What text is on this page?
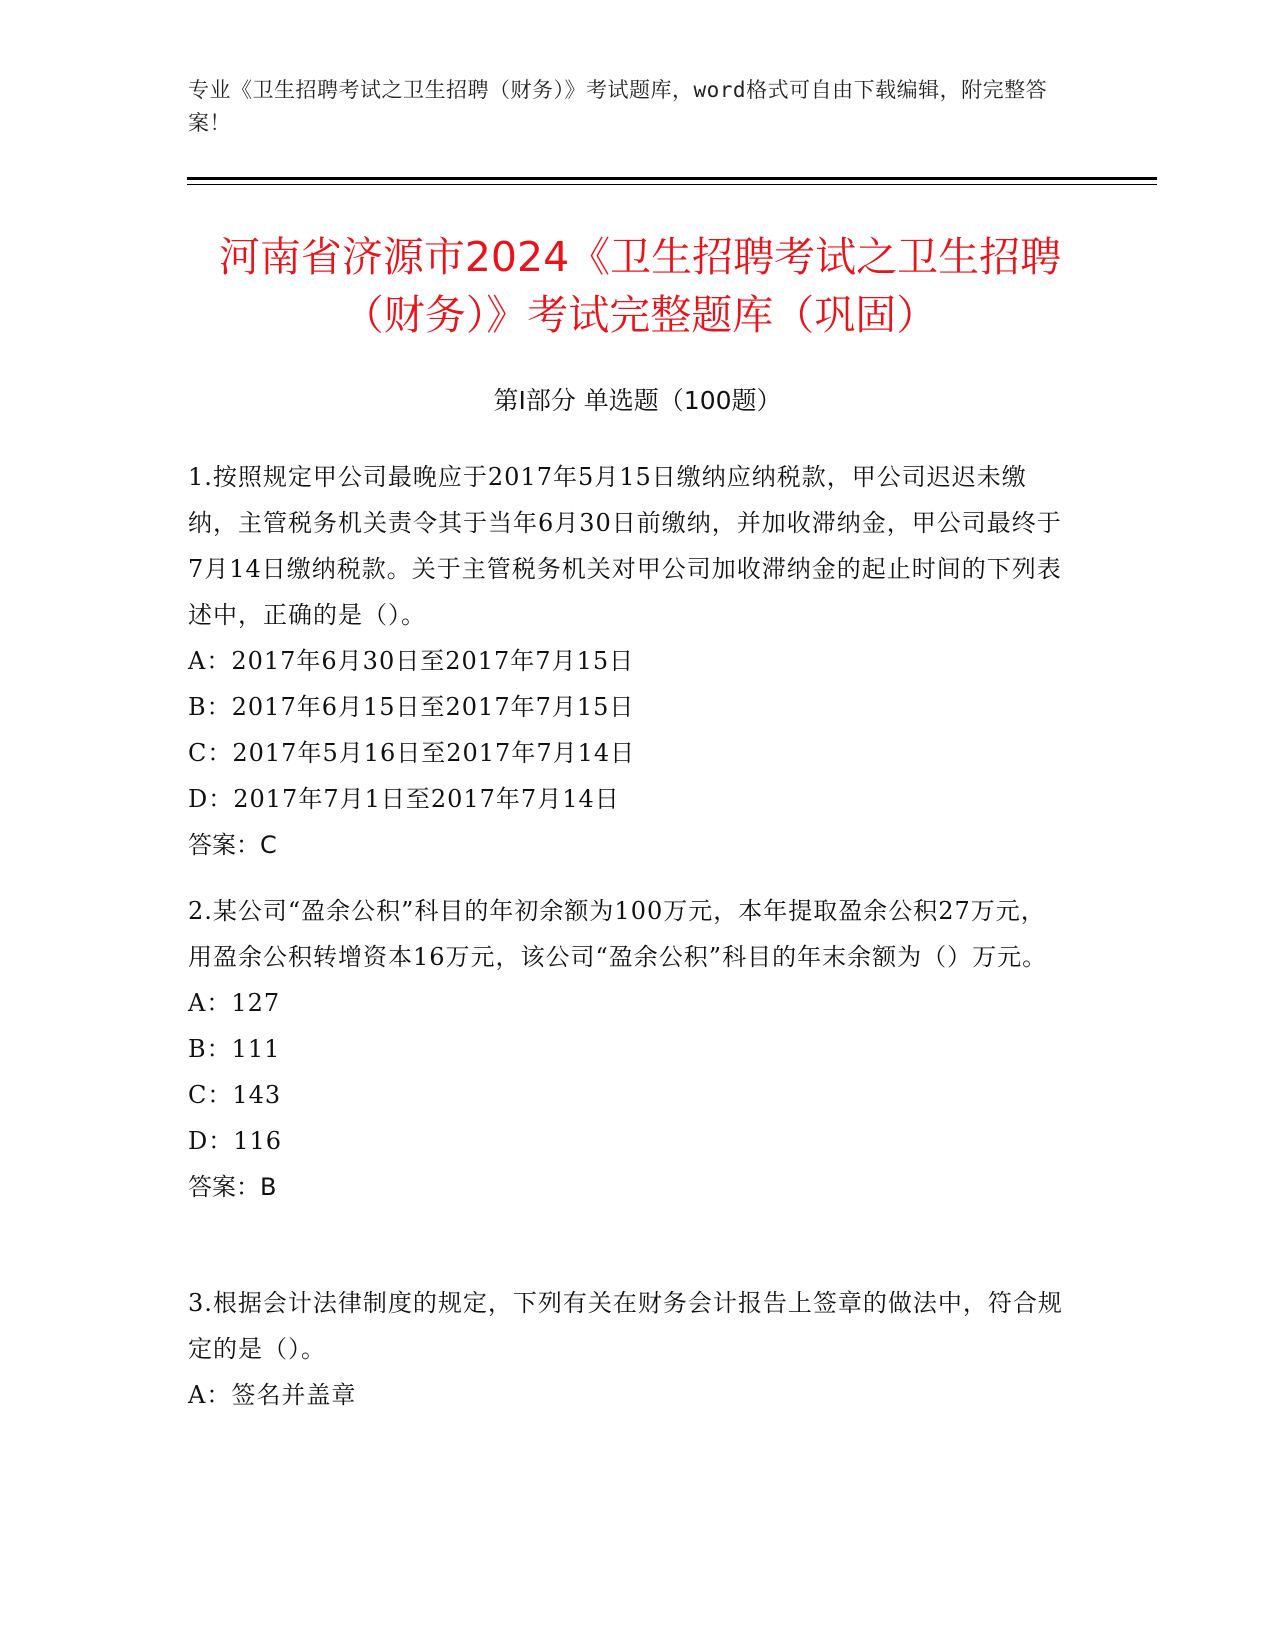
专业《卫生招聘考试之卫生招聘（财务）》考试题库，word格式可自由下载编辑，附完整答案！
河南省济源市2024《卫生招聘考试之卫生招聘（财务）》考试完整题库（巩固）
第I部分 单选题（100题）

1.按照规定甲公司最晚应于2017年5月15日缴纳应纳税款，甲公司迟迟未缴纳，主管税务机关责令其于当年6月30日前缴纳，并加收滞纳金，甲公司最终于7月14日缴纳税款。关于主管税务机关对甲公司加收滞纳金的起止时间的下列表述中，正确的是（）。

A：2017年6月30日至2017年7月15日

B：2017年6月15日至2017年7月15日

C：2017年5月16日至2017年7月14日

D：2017年7月1日至2017年7月14日

答案：C

2.某公司“盈余公积”科目的年初余额为100万元，本年提取盈余公积27万元，用盈余公积转增资本16万元，该公司“盈余公积”科目的年末余额为（）万元。

A：127

B：111

C：143

D：116

答案：B

3.根据会计法律制度的规定，下列有关在财务会计报告上签章的做法中，符合规定的是（）。

A：签名并盖章
